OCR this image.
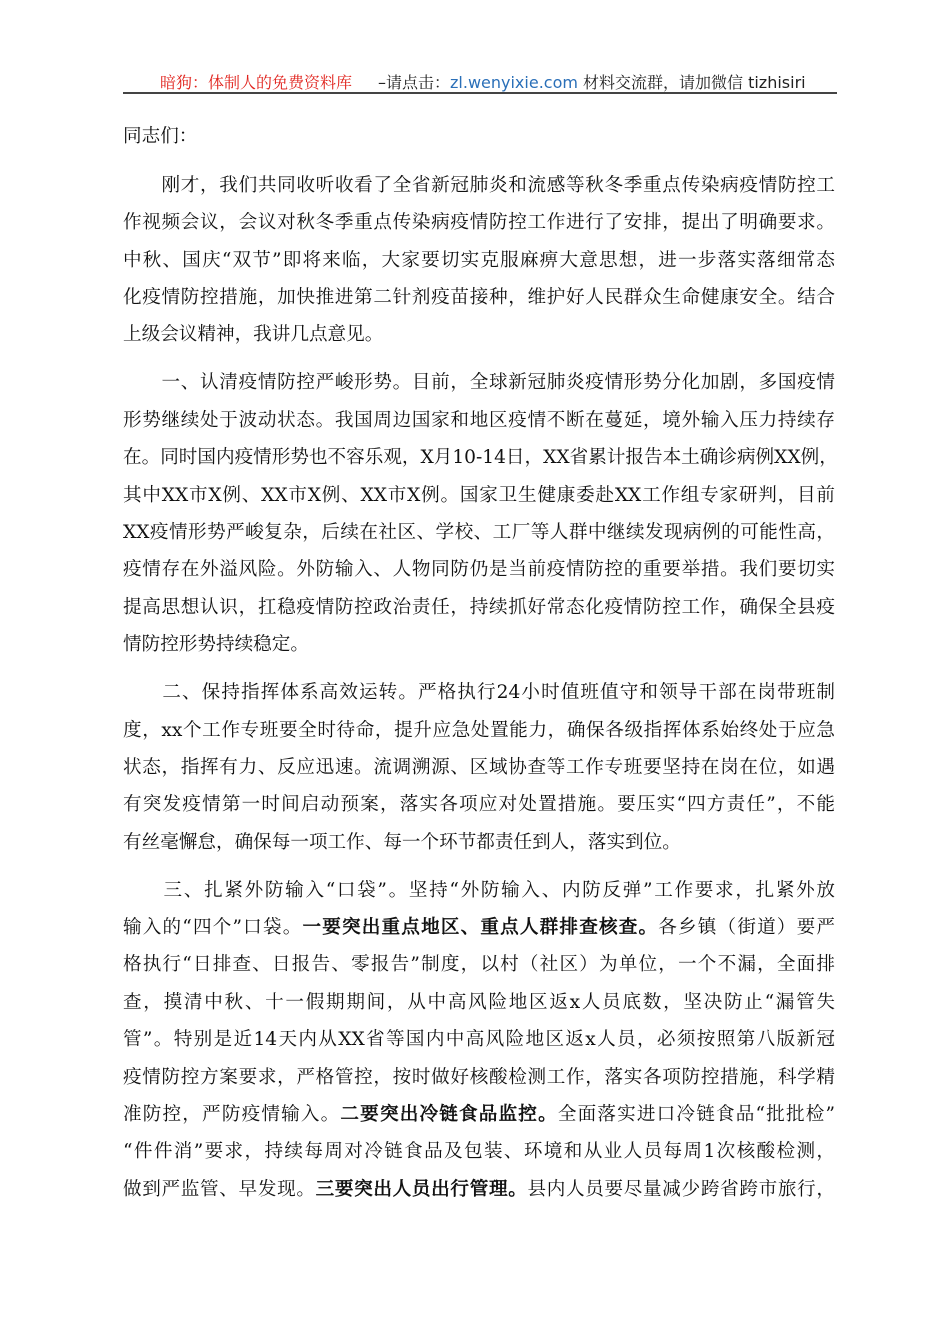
暗狗：体制人的免费资料库 –请点击：zl.wenyixie.com 材料交流群，请加微信 tizhisiri
同志们：
　　刚才，我们共同收听收看了全省新冠肺炎和流感等秋冬季重点传染病疫情防控工
作视频会议，会议对秋冬季重点传染病疫情防控工作进行了安排，提出了明确要求。
中秋、国庆“双节”即将来临，大家要切实克服麻痹大意思想，进一步落实落细常态
化疫情防控措施，加快推进第二针剂疫苗接种，维护好人民群众生命健康安全。结合
上级会议精神，我讲几点意见。
　　一、认清疫情防控严峻形势。目前，全球新冠肺炎疫情形势分化加剧，多国疫情
形势继续处于波动状态。我国周边国家和地区疫情不断在蔓延，境外输入压力持续存
在。同时国内疫情形势也不容乐观，X月10-14日，XX省累计报告本土确诊病例XX例，
其中XX市X例、XX市X例、XX市X例。国家卫生健康委赴XX工作组专家研判，目前
XX疫情形势严峻复杂，后续在社区、学校、工厂等人群中继续发现病例的可能性高，
疫情存在外溢风险。外防输入、人物同防仍是当前疫情防控的重要举措。我们要切实
提高思想认识，扛稳疫情防控政治责任，持续抓好常态化疫情防控工作，确保全县疫
情防控形势持续稳定。
　　二、保持指挥体系高效运转。严格执行24小时值班值守和领导干部在岗带班制
度，xx个工作专班要全时待命，提升应急处置能力，确保各级指挥体系始终处于应急
状态，指挥有力、反应迅速。流调溯源、区域协查等工作专班要坚持在岗在位，如遇
有突发疫情第一时间启动预案，落实各项应对处置措施。要压实“四方责任”，不能
有丝毫懈怠，确保每一项工作、每一个环节都责任到人，落实到位。
　　三、扎紧外防输入“口袋”。坚持“外防输入、内防反弹”工作要求，扎紧外放
输入的“四个”口袋。一要突出重点地区、重点人群排查核查。各乡镇（街道）要严
格执行“日排查、日报告、零报告”制度，以村（社区）为单位，一个不漏，全面排
查，摸清中秋、十一假期期间，从中高风险地区返x人员底数，坚决防止“漏管失
管”。特别是近14天内从XX省等国内中高风险地区返x人员，必须按照第八版新冠
疫情防控方案要求，严格管控，按时做好核酸检测工作，落实各项防控措施，科学精
准防控，严防疫情输入。二要突出冷链食品监控。全面落实进口冷链食品“批批检”
“件件消”要求，持续每周对冷链食品及包装、环境和从业人员每周1次核酸检测，
做到严监管、早发现。三要突出人员出行管理。县内人员要尽量减少跨省跨市旅行，
